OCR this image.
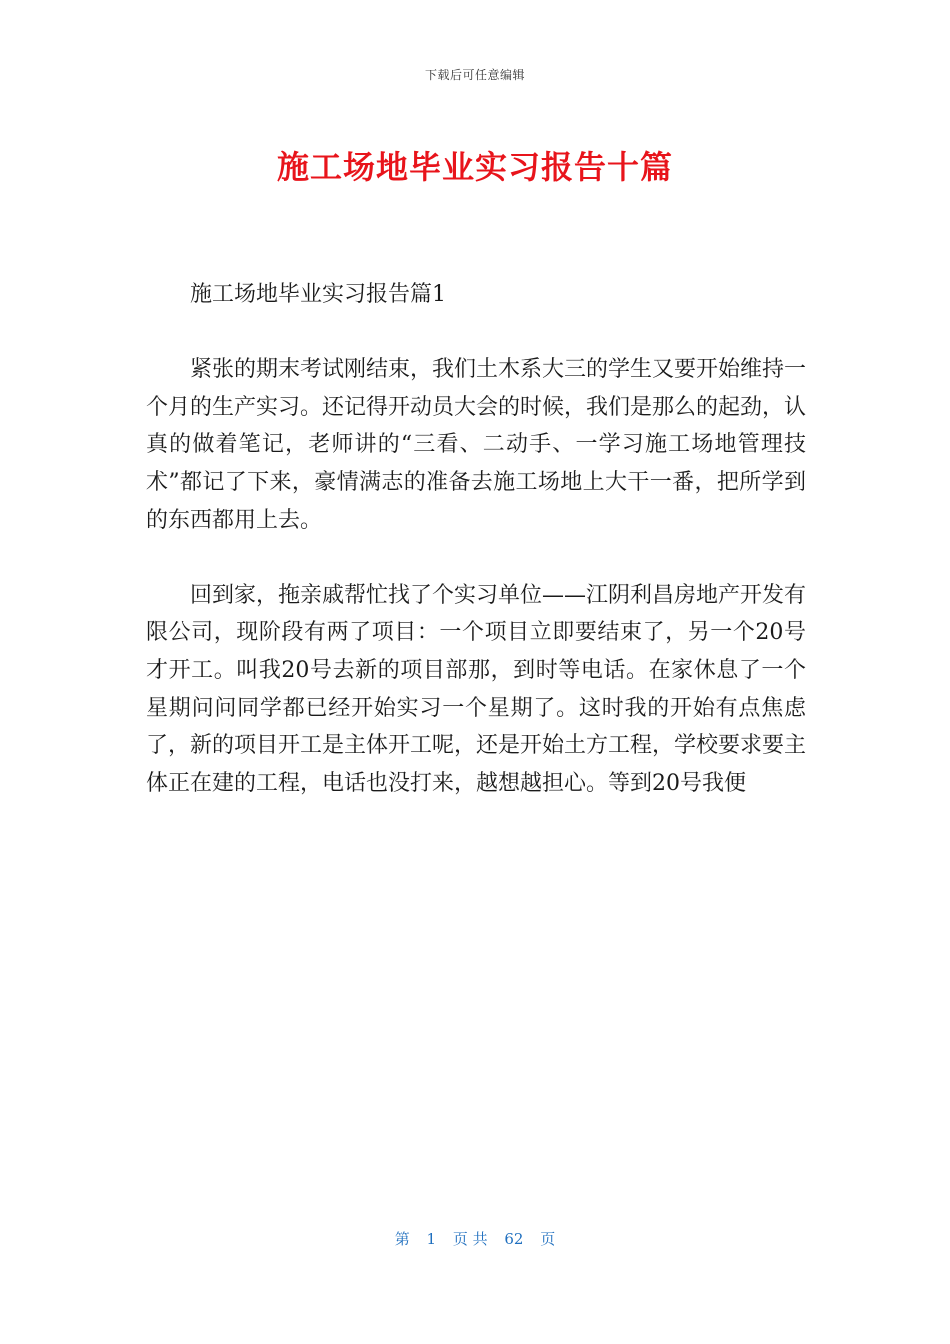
下载后可任意编辑
施工场地毕业实习报告十篇

施工场地毕业实习报告篇1

紧张的期末考试刚结束，我们土木系大三的学生又要开始维持一个月的生产实习。还记得开动员大会的时候，我们是那么的起劲，认真的做着笔记，老师讲的“三看、二动手、一学习施工场地管理技术”都记了下来，豪情满志的准备去施工场地上大干一番，把所学到的东西都用上去。

回到家，拖亲戚帮忙找了个实习单位——江阴利昌房地产开发有限公司，现阶段有两了项目：一个项目立即要结束了，另一个20号才开工。叫我20号去新的项目部那，到时等电话。在家休息了一个星期问问同学都已经开始实习一个星期了。这时我的开始有点焦虑了，新的项目开工是主体开工呢，还是开始土方工程，学校要求要主体正在建的工程，电话也没打来，越想越担心。等到20号我便

第 1 页 共 62 页
